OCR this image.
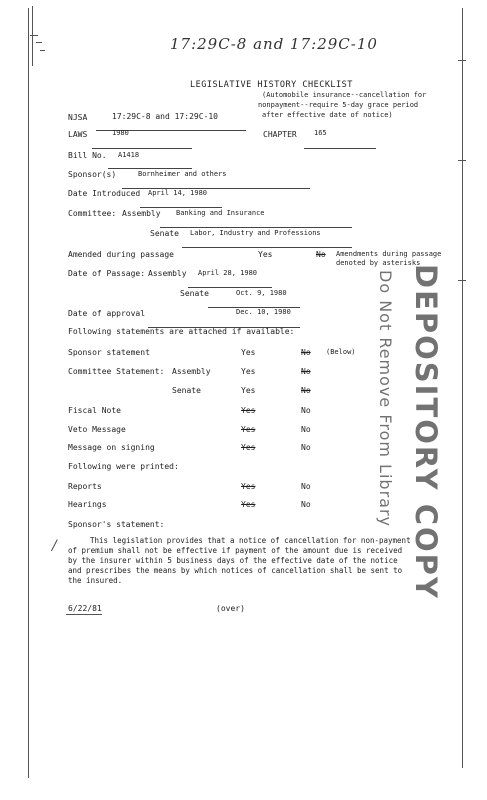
17:29C-8 and 17:29C-10
LEGISLATIVE HISTORY CHECKLIST
(Automobile insurance--cancellation for
nonpayment--require 5-day grace period
after effective date of notice)
NJSA	17:29C-8 and 17:29C-10
LAWS	1980	CHAPTER 165
Bill No. A1418
Sponsor(s)	Bornheimer and others
Date Introduced April 14, 1980
Committee: Assembly Banking and Insurance
Senate Labor, Industry and Professions
Amended during passage	Yes	No Amendments during passage
denoted by asterisks
Date of Passage: Assembly April 28, 1980
Senate	Oct. 9, 1980
Date of approval	Dec. 10, 1980
Following statements are attached if available:
Sponsor statement	Yes	No (Below)
Committee Statement: Assembly	Yes	No
Senate	Yes	No
Fiscal Note	Yes	No
Veto Message	Yes	No
Message on signing	Yes	No
Following were printed:
Reports	Yes	No
Hearings	Yes	No	DEPOSITORY COPY
Do Not Remove From Library
Sponsor's statement:
/	This legislation provides that a notice of cancellation for non-payment
of premium shall not be effective if payment of the amount due is received
by the insurer within 5 business days of the effective date of the notice
and prescribes the means by which notices of cancellation shall be sent to
the insured.
6/22/81	(over)
